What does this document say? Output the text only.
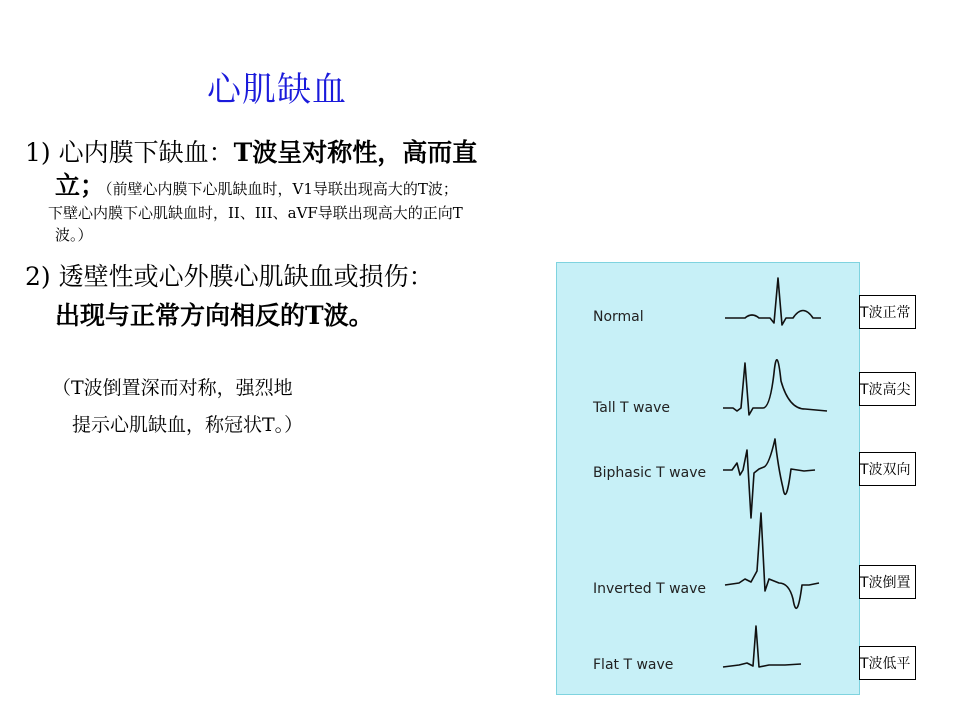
心肌缺血
1) 心内膜下缺血：T波呈对称性，高而直
立；（前壁心内膜下心肌缺血时，V1导联出现高大的T波；
下壁心内膜下心肌缺血时，II、III、aVF导联出现高大的正向T
波。）
2) 透壁性或心外膜心肌缺血或损伤：
出现与正常方向相反的T波。
（T波倒置深而对称，强烈地
提示心肌缺血，称冠状T。）
Normal
Tall T wave
Biphasic T wave
Inverted T wave
Flat T wave
T波正常
T波高尖
T波双向
T波倒置
T波低平
